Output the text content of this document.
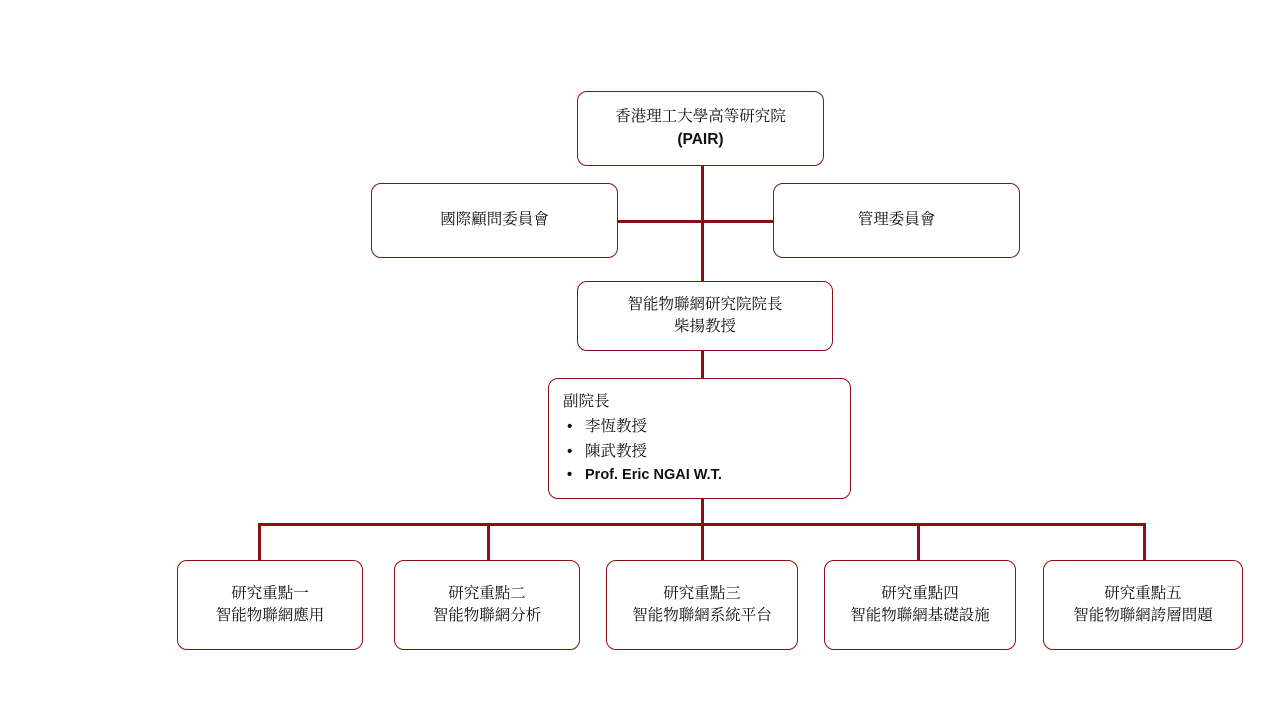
香港理工大學高等研究院
(PAIR)
國際顧問委員會	管理委員會
智能物聯網研究院院長
柴揚教授
副院長
• 李恆教授
• 陳武教授
• Prof. Eric NGAI W.T.
研究重點一
智能物聯網應用
研究重點二
智能物聯網分析
研究重點三
智能物聯網系統平台
研究重點四
智能物聯網基礎設施
研究重點五
智能物聯網誇層問題
